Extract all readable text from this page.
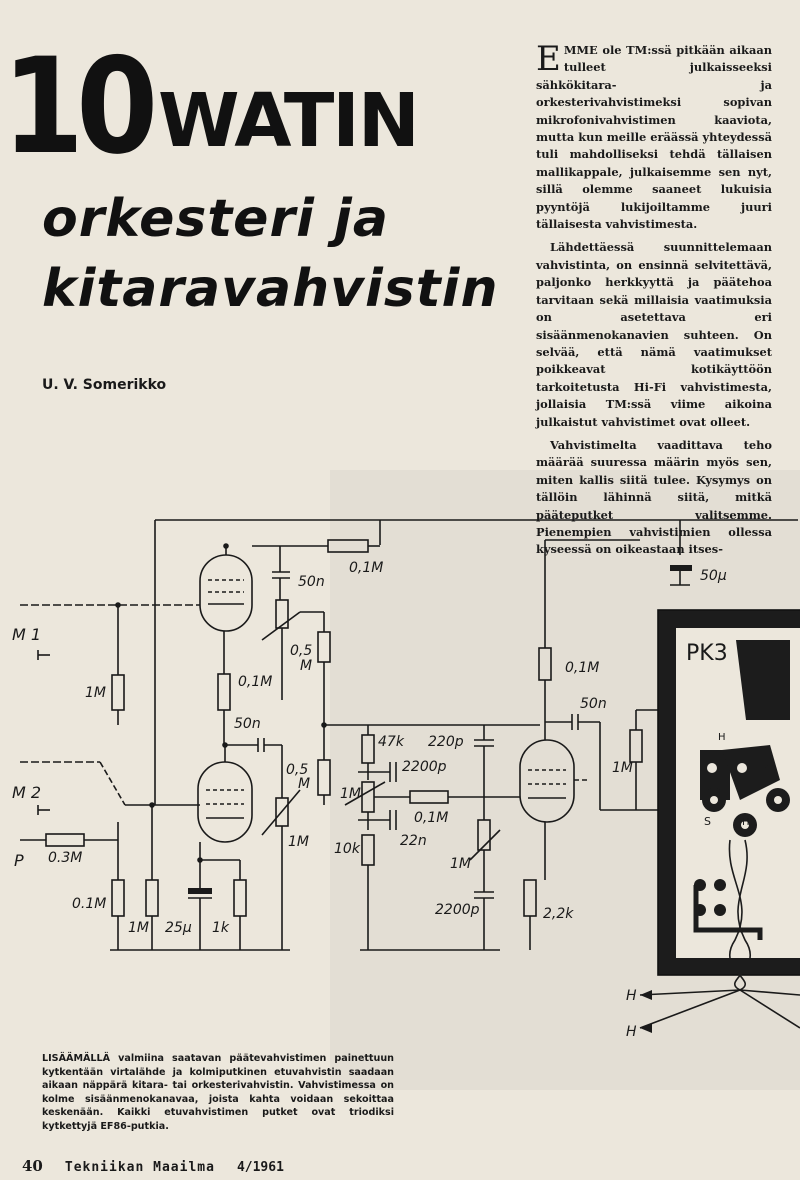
10 WATIN
orkesteri ja
kitaravahvistin
U. V. Somerikko

EMME ole TM:ssä pitkään aikaan tulleet julkaisseeksi sähkökitara- ja orkesterivahvistimeksi sopivan mikrofonivahvistimen kaaviota, mutta kun meille eräässä yhteydessä tuli mahdolliseksi tehdä tällaisen mallikappale, julkaisemme sen nyt, sillä olemme saaneet lukuisia pyyntöjä lukijoiltamme juuri tällaisesta vahvistimesta.

Lähdettäessä suunnittelemaan vahvistinta, on ensinnä selvitettävä, paljonko herkkyyttä ja päätehoa tarvitaan sekä millaisia vaatimuksia on asetettava eri sisäänmenokanavien suhteen. On selvää, että nämä vaatimukset poikkeavat kotikäyttöön tarkoitetusta Hi-Fi vahvistimesta, jollaisia TM:ssä viime aikoina julkaistut vahvistimet ovat olleet.

Vahvistimelta vaadittava teho määrää suuressa määrin myös sen, miten kallis siitä tulee. Kysymys on tällöin lähinnä siitä, mitkä pääteputket valitsemme. Pienempien vahvistimien ollessa kyseessä on oikeastaan itses-

0,1M
50n	50μ
0,5
M
1M
0,1M
50n
0,5
M
1M
0.3M
0.1M
1M 25μ 1k
47k 220p
2200p
1M
0,1M
22n
10k
1M
2200p
0,1M
50n
1M
2,2k
M 1
M 2
P
H
H
PK3
H
S	H
LISÄÄMÄLLÄ valmiina saatavan päätevahvistimen painettuun kytkentään virtalähde ja kolmiputkinen etuvahvistin saadaan aikaan näppärä kitara- tai orkesterivahvistin. Vahvistimessa on kolme sisäänmenokanavaa, joista kahta voidaan sekoittaa keskenään. Kaikki etuvahvistimen putket ovat triodiksi kytkettyjä EF86-putkia.
40 Tekniikan Maailma 4/1961
